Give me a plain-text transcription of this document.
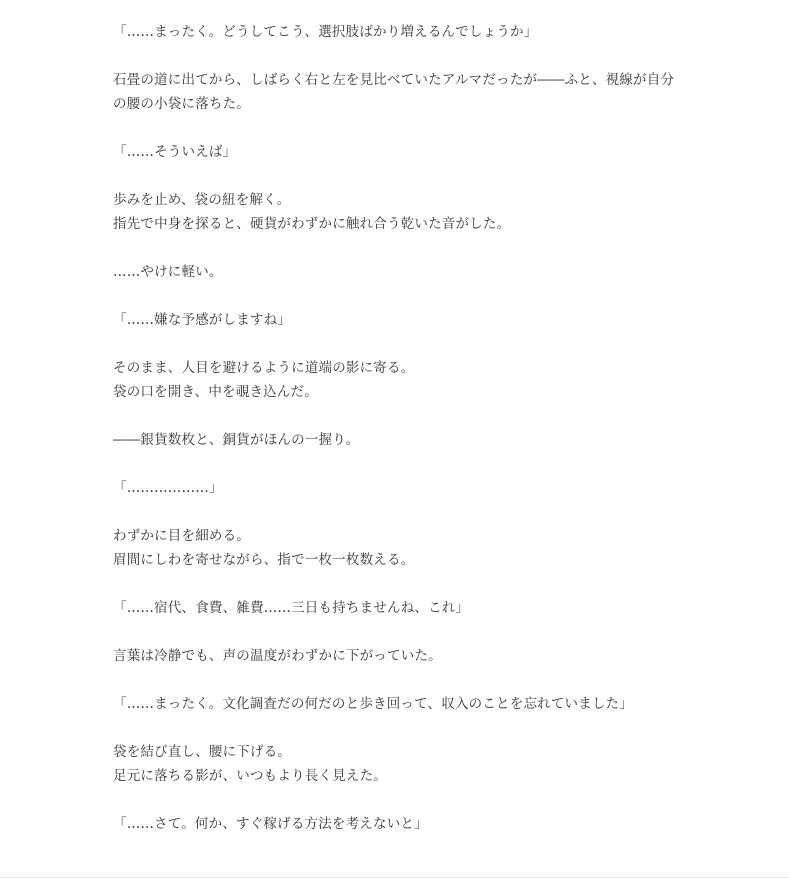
「……まったく。どうしてこう、選択肢ばかり増えるんでしょうか」
石畳の道に出てから、しばらく右と左を見比べていたアルマだったが――ふと、視線が自分
の腰の小袋に落ちた。
「……そういえば」
歩みを止め、袋の紐を解く。
指先で中身を探ると、硬貨がわずかに触れ合う乾いた音がした。
……やけに軽い。
「……嫌な予感がしますね」
そのまま、人目を避けるように道端の影に寄る。
袋の口を開き、中を覗き込んだ。
――銀貨数枚と、銅貨がほんの一握り。
「………………」
わずかに目を細める。
眉間にしわを寄せながら、指で一枚一枚数える。
「……宿代、食費、雑費……三日も持ちませんね、これ」
言葉は冷静でも、声の温度がわずかに下がっていた。
「……まったく。文化調査だの何だのと歩き回って、収入のことを忘れていました」
袋を結び直し、腰に下げる。
足元に落ちる影が、いつもより長く見えた。
「……さて。何か、すぐ稼げる方法を考えないと」
